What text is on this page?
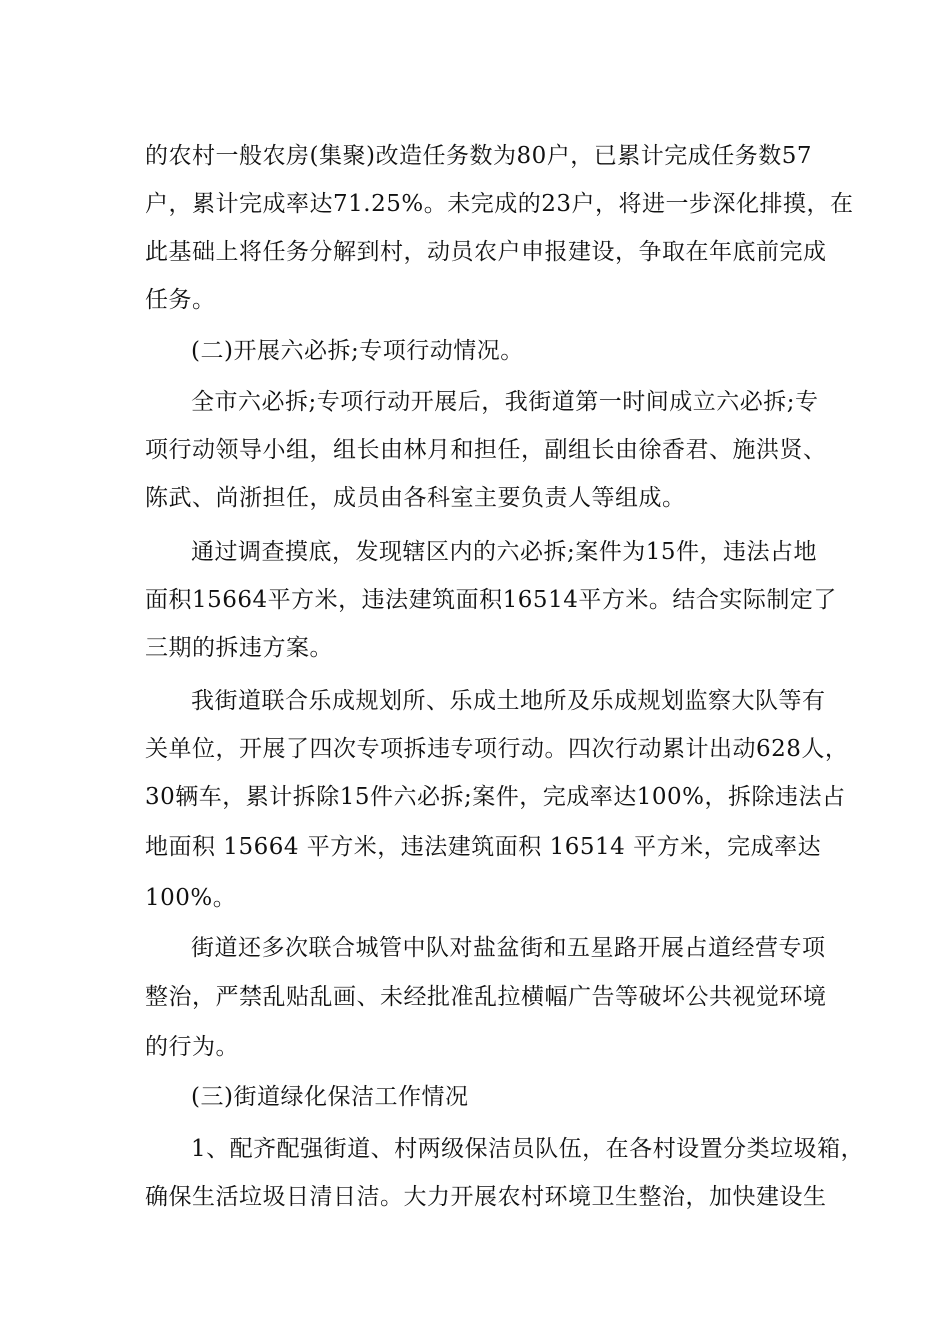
的农村一般农房(集聚)改造任务数为80户，已累计完成任务数57
户，累计完成率达71.25%。未完成的23户，将进一步深化排摸，在
此基础上将任务分解到村，动员农户申报建设，争取在年底前完成
任务。
(二)开展六必拆;专项行动情况。
全市六必拆;专项行动开展后，我街道第一时间成立六必拆;专
项行动领导小组，组长由林月和担任，副组长由徐香君、施洪贤、
陈武、尚浙担任，成员由各科室主要负责人等组成。
通过调查摸底，发现辖区内的六必拆;案件为15件，违法占地
面积15664平方米，违法建筑面积16514平方米。结合实际制定了
三期的拆违方案。
我街道联合乐成规划所、乐成土地所及乐成规划监察大队等有
关单位，开展了四次专项拆违专项行动。四次行动累计出动628人，
30辆车，累计拆除15件六必拆;案件，完成率达100%，拆除违法占
地面积 15664 平方米，违法建筑面积 16514 平方米，完成率达
100%。
街道还多次联合城管中队对盐盆街和五星路开展占道经营专项
整治，严禁乱贴乱画、未经批准乱拉横幅广告等破坏公共视觉环境
的行为。
(三)街道绿化保洁工作情况
1、配齐配强街道、村两级保洁员队伍，在各村设置分类垃圾箱，
确保生活垃圾日清日洁。大力开展农村环境卫生整治，加快建设生
